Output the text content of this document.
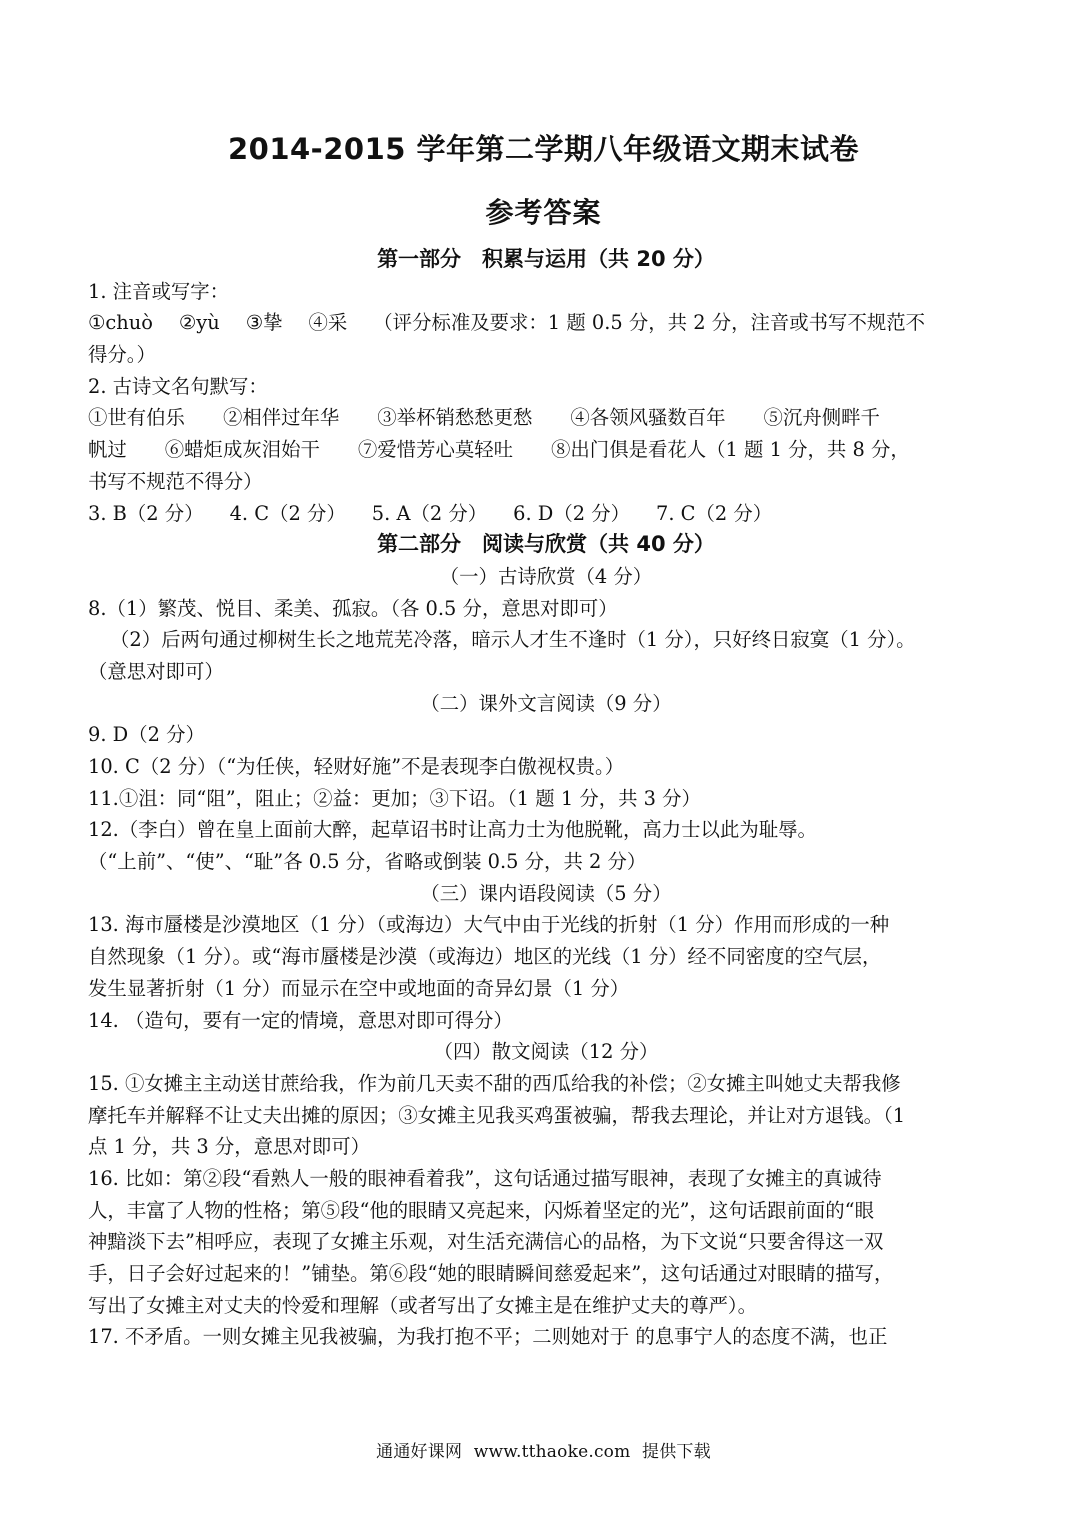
2014-2015 学年第二学期八年级语文期末试卷
参考答案
第一部分　积累与运用（共 20 分）
1. 注音或写字：
①chuò ②yù ③挚 ④采 （评分标准及要求：1 题 0.5 分，共 2 分，注音或书写不规范不
得分。）
2. 古诗文名句默写：
①世有伯乐 ②相伴过年华 ③举杯销愁愁更愁 ④各领风骚数百年 ⑤沉舟侧畔千
帆过 ⑥蜡炬成灰泪始干 ⑦爱惜芳心莫轻吐 ⑧出门俱是看花人（1 题 1 分，共 8 分，
书写不规范不得分）
3. B（2 分） 4. C（2 分） 5. A（2 分） 6. D（2 分） 7. C（2 分）
第二部分　阅读与欣赏（共 40 分）
（一）古诗欣赏（4 分）
8.（1）繁茂、悦目、柔美、孤寂。（各 0.5 分，意思对即可）
（2）后两句通过柳树生长之地荒芜冷落，暗示人才生不逢时（1 分），只好终日寂寞（1 分）。
（意思对即可）
（二）课外文言阅读（9 分）
9. D（2 分）
10. C（2 分）（“为任侠，轻财好施”不是表现李白傲视权贵。）
11.①沮：同“阻”，阻止；②益：更加；③下诏。（1 题 1 分，共 3 分）
12.（李白）曾在皇上面前大醉，起草诏书时让高力士为他脱靴，高力士以此为耻辱。
（“上前”、“使”、“耻”各 0.5 分，省略或倒装 0.5 分，共 2 分）
（三）课内语段阅读（5 分）
13. 海市蜃楼是沙漠地区（1 分）（或海边）大气中由于光线的折射（1 分）作用而形成的一种
自然现象（1 分）。或“海市蜃楼是沙漠（或海边）地区的光线（1 分）经不同密度的空气层，
发生显著折射（1 分）而显示在空中或地面的奇异幻景（1 分）
14. （造句，要有一定的情境，意思对即可得分）
（四）散文阅读（12 分）
15. ①女摊主主动送甘蔗给我，作为前几天卖不甜的西瓜给我的补偿；②女摊主叫她丈夫帮我修
摩托车并解释不让丈夫出摊的原因；③女摊主见我买鸡蛋被骗，帮我去理论，并让对方退钱。（1
点 1 分，共 3 分，意思对即可）
16. 比如：第②段“看熟人一般的眼神看着我”，这句话通过描写眼神，表现了女摊主的真诚待
人，丰富了人物的性格；第⑤段“他的眼睛又亮起来，闪烁着坚定的光”，这句话跟前面的“眼
神黯淡下去”相呼应，表现了女摊主乐观，对生活充满信心的品格，为下文说“只要舍得这一双
手，日子会好过起来的！”铺垫。第⑥段“她的眼睛瞬间慈爱起来”，这句话通过对眼睛的描写，
写出了女摊主对丈夫的怜爱和理解（或者写出了女摊主是在维护丈夫的尊严）。
17. 不矛盾。一则女摊主见我被骗，为我打抱不平；二则她对于 的息事宁人的态度不满，也正
通通好课网 www.tthaoke.com 提供下载
